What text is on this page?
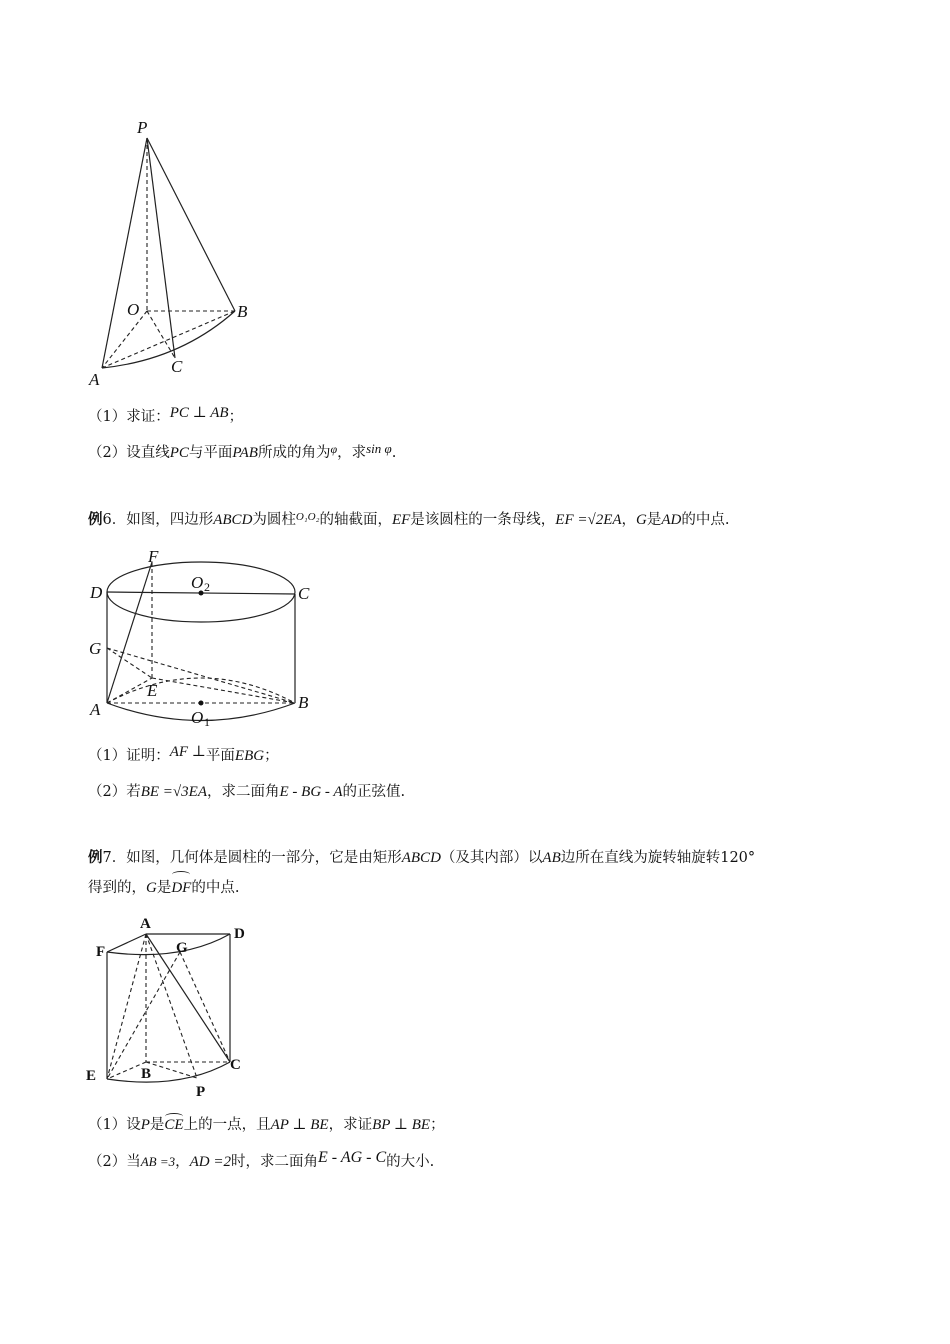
P
O	B
A
C
（1）求证：PC ⊥ AB；
（2）设直线PC与平面PAB所成的角为$^\varphi$，求sin φ.
例6．如图，四边形ABCD为圆柱$^{O_1O_2}$的轴截面，EF是该圆柱的一条母线，EF =√2EA，G是AD的中点.
F
D
O 2	C
G
E
A	B
O 1
（1）证明：AF ⊥平面EBG；
（2）若BE =√3EA，求二面角E - BG - A的正弦值.
例7．如图，几何体是圆柱的一部分，它是由矩形ABCD（及其内部）以AB边所在直线为旋转轴旋转120°
得到的，G是DF的中点.
A
F	G
D
E	B
C
P
（1）设P是CE上的一点，且AP ⊥ BE，求证BP ⊥ BE；
（2）当AB =3，AD =2时，求二面角E - AG - C的大小.
